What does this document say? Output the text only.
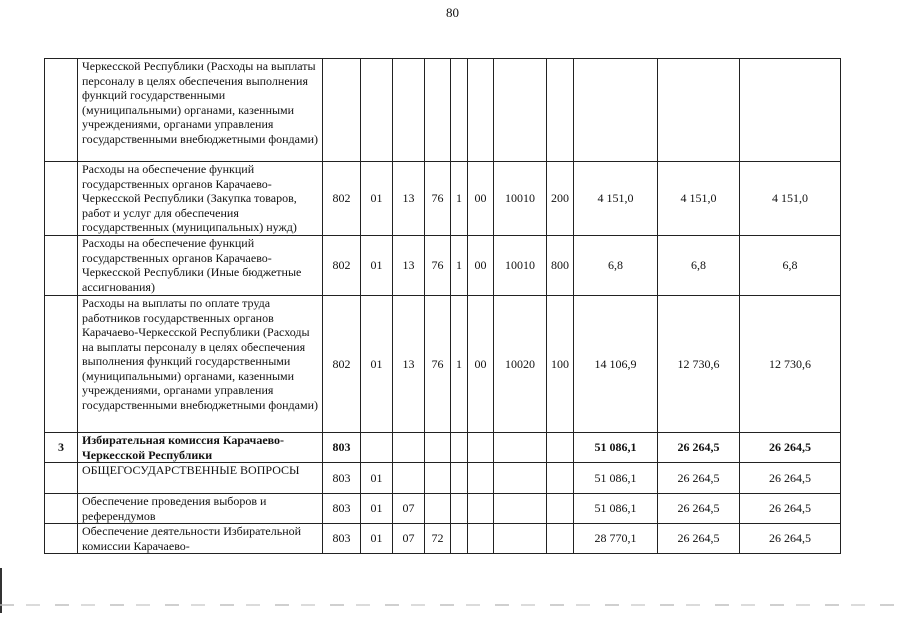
80
	Черкесской Республики (Расходы на выплаты персоналу в целях обеспечения выполнения функций государственными (муниципальными) органами, казенными учреждениями, органами управления государственными внебюджетными фондами)											
	Расходы на обеспечение функций государственных органов Карачаево-Черкесской Республики (Закупка товаров, работ и услуг для обеспечения государственных (муниципальных) нужд)	802	01	13	76	1	00	10010	200	4 151,0	4 151,0	4 151,0
	Расходы на обеспечение функций государственных органов Карачаево-Черкесской Республики (Иные бюджетные ассигнования)	802	01	13	76	1	00	10010	800	6,8	6,8	6,8
	Расходы на выплаты по оплате труда работников государственных органов Карачаево-Черкесской Республики (Расходы на выплаты персоналу в целях обеспечения выполнения функций государственными (муниципальными) органами, казенными учреждениями, органами управления государственными внебюджетными фондами)	802	01	13	76	1	00	10020	100	14 106,9	12 730,6	12 730,6
3	Избирательная комиссия Карачаево-Черкесской Республики	803								51 086,1	26 264,5	26 264,5
	ОБЩЕГОСУДАРСТВЕННЫЕ ВОПРОСЫ	803	01							51 086,1	26 264,5	26 264,5
	Обеспечение проведения выборов и референдумов	803	01	07						51 086,1	26 264,5	26 264,5
	Обеспечение деятельности Избирательной комиссии Карачаево-	803	01	07	72					28 770,1	26 264,5	26 264,5
